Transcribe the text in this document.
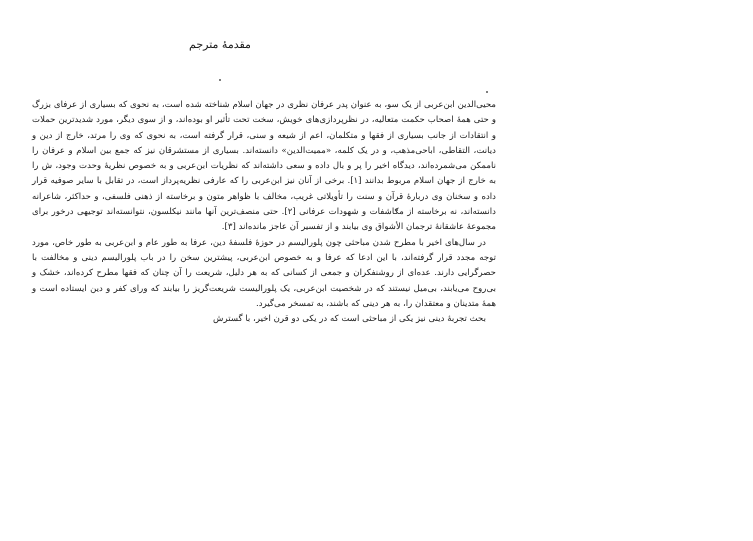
مقدمهٔ مترجم

محیی‌الدین ابن‌عربی از یک سو، به عنوان پدر عرفان نظری در جهان اسلام شناخته شده است، به نحوی که بسیاری از عرفای بزرگ و حتی همهٔ اصحاب حکمت متعالیه، در نظرپردازی‌های خویش، سخت تحت تأثیر او بوده‌اند، و از سوی دیگر، مورد شدیدترین حملات و انتقادات از جانب بسیاری از فقها و متکلمان، اعم از شیعه و سنی، قرار گرفته است، به نحوی که وی را مرتد، خارج از دین و دیانت، التقاطی، اباحی‌مذهب، و در یک کلمه، «ممیت‌الدین» دانسته‌اند. بسیاری از مستشرقان نیز که جمع بین اسلام و عرفان را ناممکن می‌شمرده‌اند، دیدگاه اخیر را پر و بال داده و سعی داشته‌اند که نظریات ابن‌عربی و به خصوص نظریهٔ وحدت وجود، ش را به خارج از جهان اسلام مربوط بدانند [۱]. برخی از آنان نیز ابن‌عربی را که عارفی نظریه‌پرداز است، در تقابل با سایر صوفیه قرار داده و سخنان وی دربارهٔ قرآن و سنت را تأویلاتی غریب، مخالف با ظواهر متون و برخاسته از ذهنی فلسفی، و حداکثر، شاعرانه دانسته‌اند، نه برخاسته از مکاشفات و شهودات عرفانی [۲]. حتی منصف‌ترین آنها مانند نیکلسون، نتوانسته‌اند توجیهی درخور برای مجموعهٔ عاشقانهٔ ترجمان الأشواق وی بیابند و از تفسیر آن عاجز مانده‌اند [۳].

در سال‌های اخیر با مطرح شدن مباحثی چون پلورالیسم در حوزهٔ فلسفهٔ دین، عرفا به طور عام و ابن‌عربی به طور خاص، مورد توجه مجدد قرار گرفته‌اند، با این ادعا که عرفا و به خصوص ابن‌عربی، پیشترین سخن را در باب پلورالیسم دینی و مخالفت با حصرگرایی دارند. عده‌ای از روشنفکران و جمعی از کسانی که به هر دلیل، شریعت را آن چنان که فقها مطرح کرده‌اند، خشک و بی‌روح می‌یابند، بی‌میل نیستند که در شخصیت ابن‌عربی، یک پلورالیست شریعت‌گریز را بیابند که ورای کفر و دین ایستاده است و همهٔ متدینان و معتقدان را، به هر دینی که باشند، به تمسخر می‌گیرد.

بحث تجربهٔ دینی نیز یکی از مباحثی است که در یکی دو قرن اخیر، با گسترش
